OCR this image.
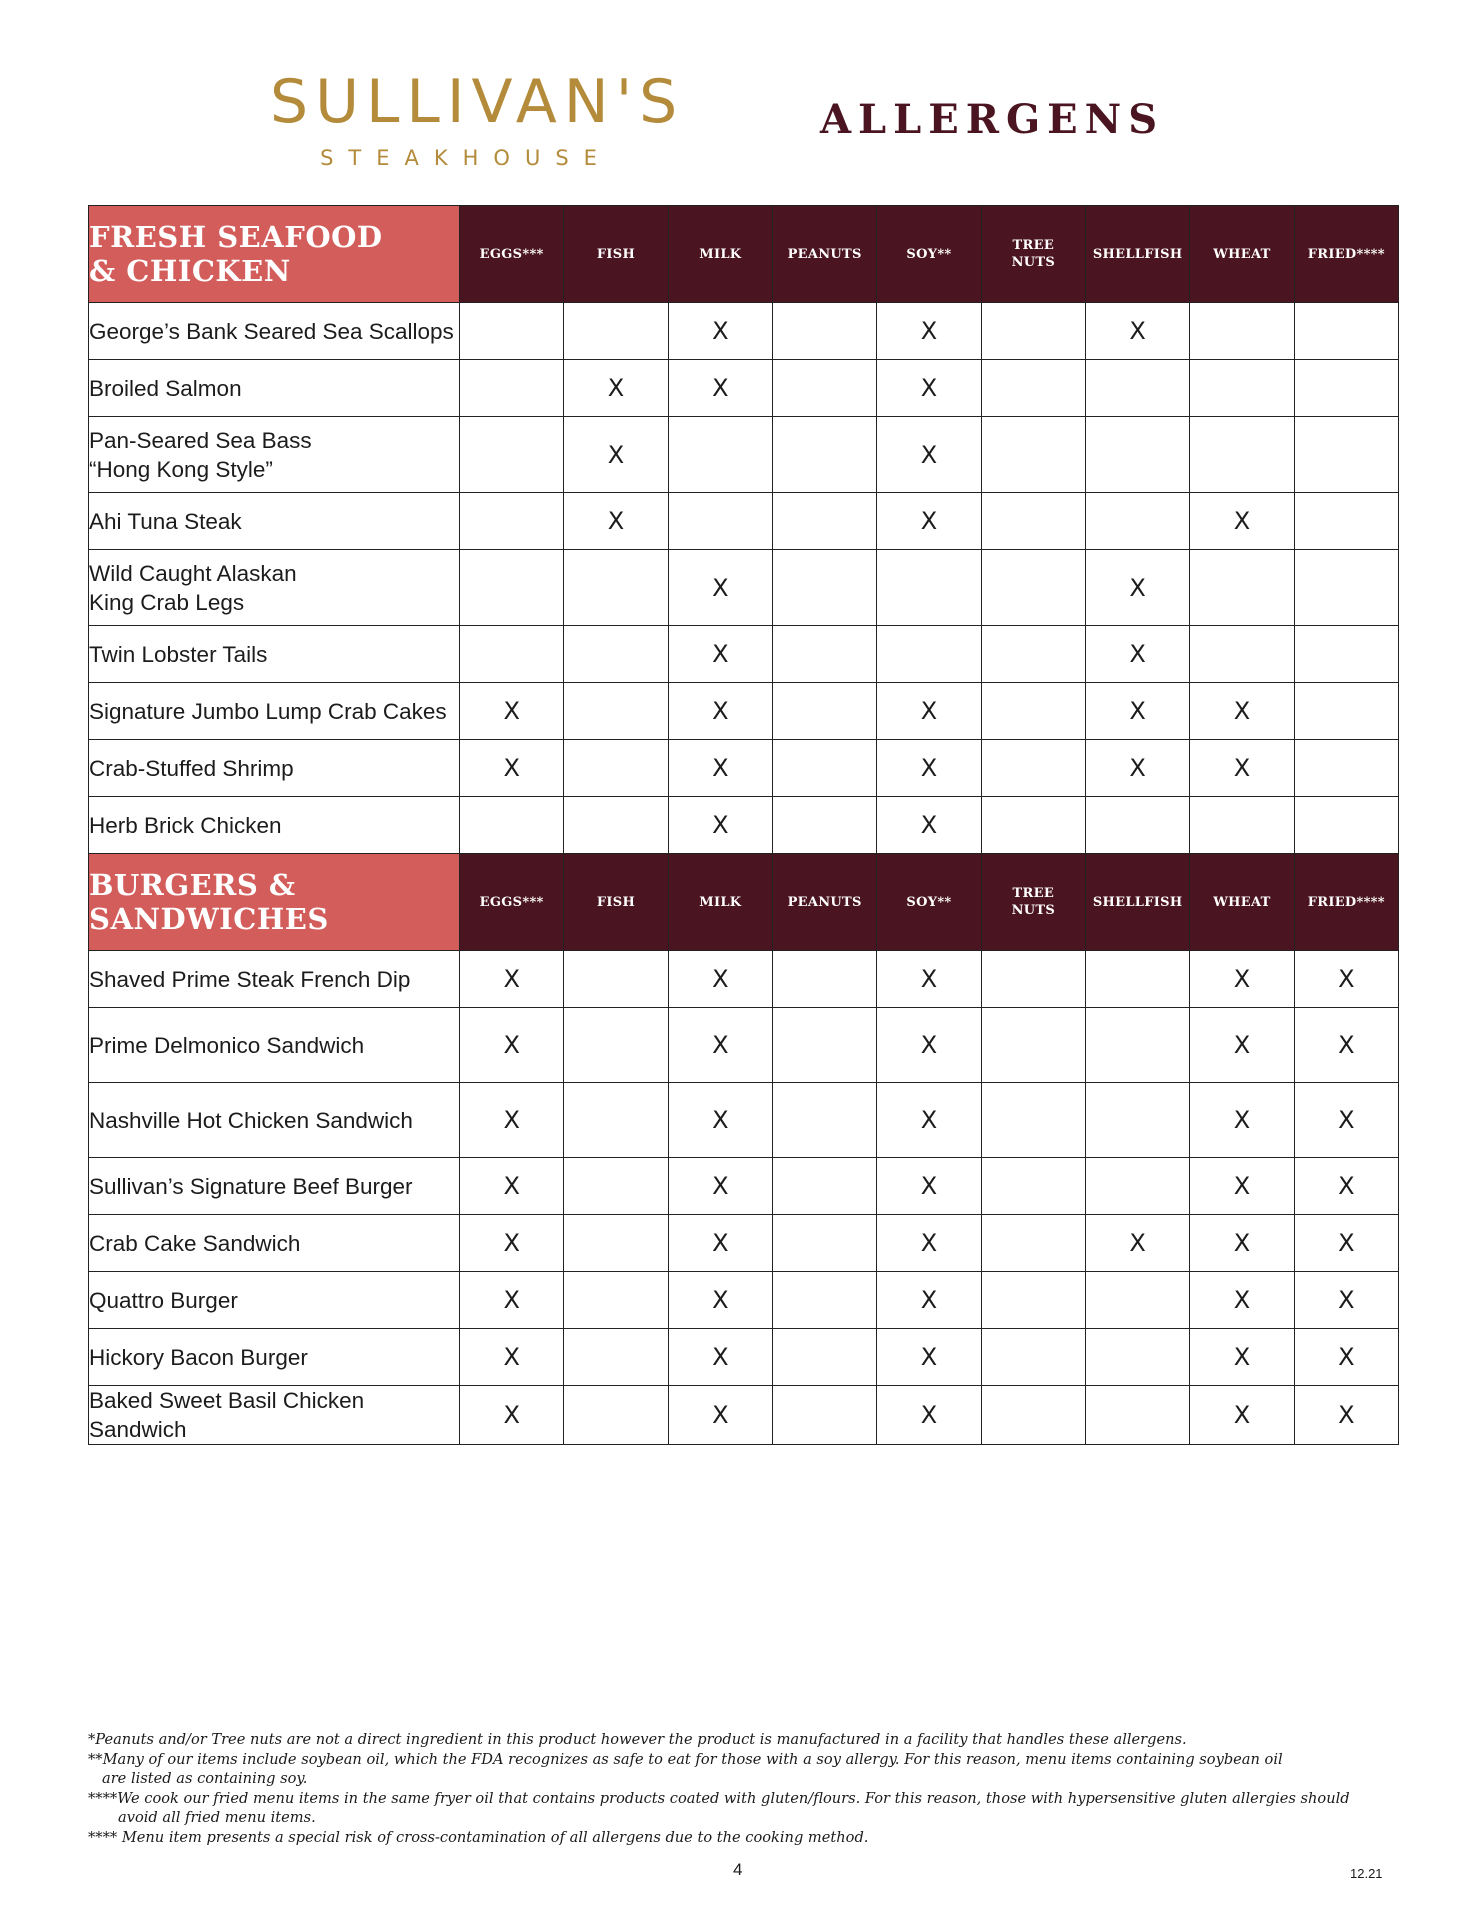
SULLIVAN'S
STEAKHOUSE
ALLERGENS
FRESH SEAFOOD
& CHICKEN	EGGS***	FISH	MILK	PEANUTS	SOY**	TREE NUTS	SHELLFISH	WHEAT	FRIED****

George’s Bank Seared Sea Scallops			X		X		X		

Broiled Salmon		X	X		X				

Pan-Seared Sea Bass
“Hong Kong Style”		X			X				

Ahi Tuna Steak		X			X			X	

Wild Caught Alaskan
King Crab Legs			X				X		

Twin Lobster Tails			X				X		

Signature Jumbo Lump Crab Cakes	X		X		X		X	X	

Crab-Stuffed Shrimp	X		X		X		X	X	

Herb Brick Chicken			X		X				

BURGERS &
SANDWICHES	EGGS***	FISH	MILK	PEANUTS	SOY**	TREE NUTS	SHELLFISH	WHEAT	FRIED****

Shaved Prime Steak French Dip	X		X		X			X	X

Prime Delmonico Sandwich	X		X		X			X	X

Nashville Hot Chicken Sandwich	X		X		X			X	X

Sullivan’s Signature Beef Burger	X		X		X			X	X

Crab Cake Sandwich	X		X		X		X	X	X

Quattro Burger	X		X		X			X	X

Hickory Bacon Burger	X		X		X			X	X

Baked Sweet Basil Chicken Sandwich	X		X		X			X	X

*Peanuts and/or Tree nuts are not a direct ingredient in this product however the product is manufactured in a facility that handles these allergens.

**Many of our items include soybean oil, which the FDA recognizes as safe to eat for those with a soy allergy. For this reason, menu items containing soybean oil

are listed as containing soy.

****We cook our fried menu items in the same fryer oil that contains products coated with gluten/flours. For this reason, those with hypersensitive gluten allergies should

avoid all fried menu items.

**** Menu item presents a special risk of cross-contamination of all allergens due to the cooking method.

4	12.21
